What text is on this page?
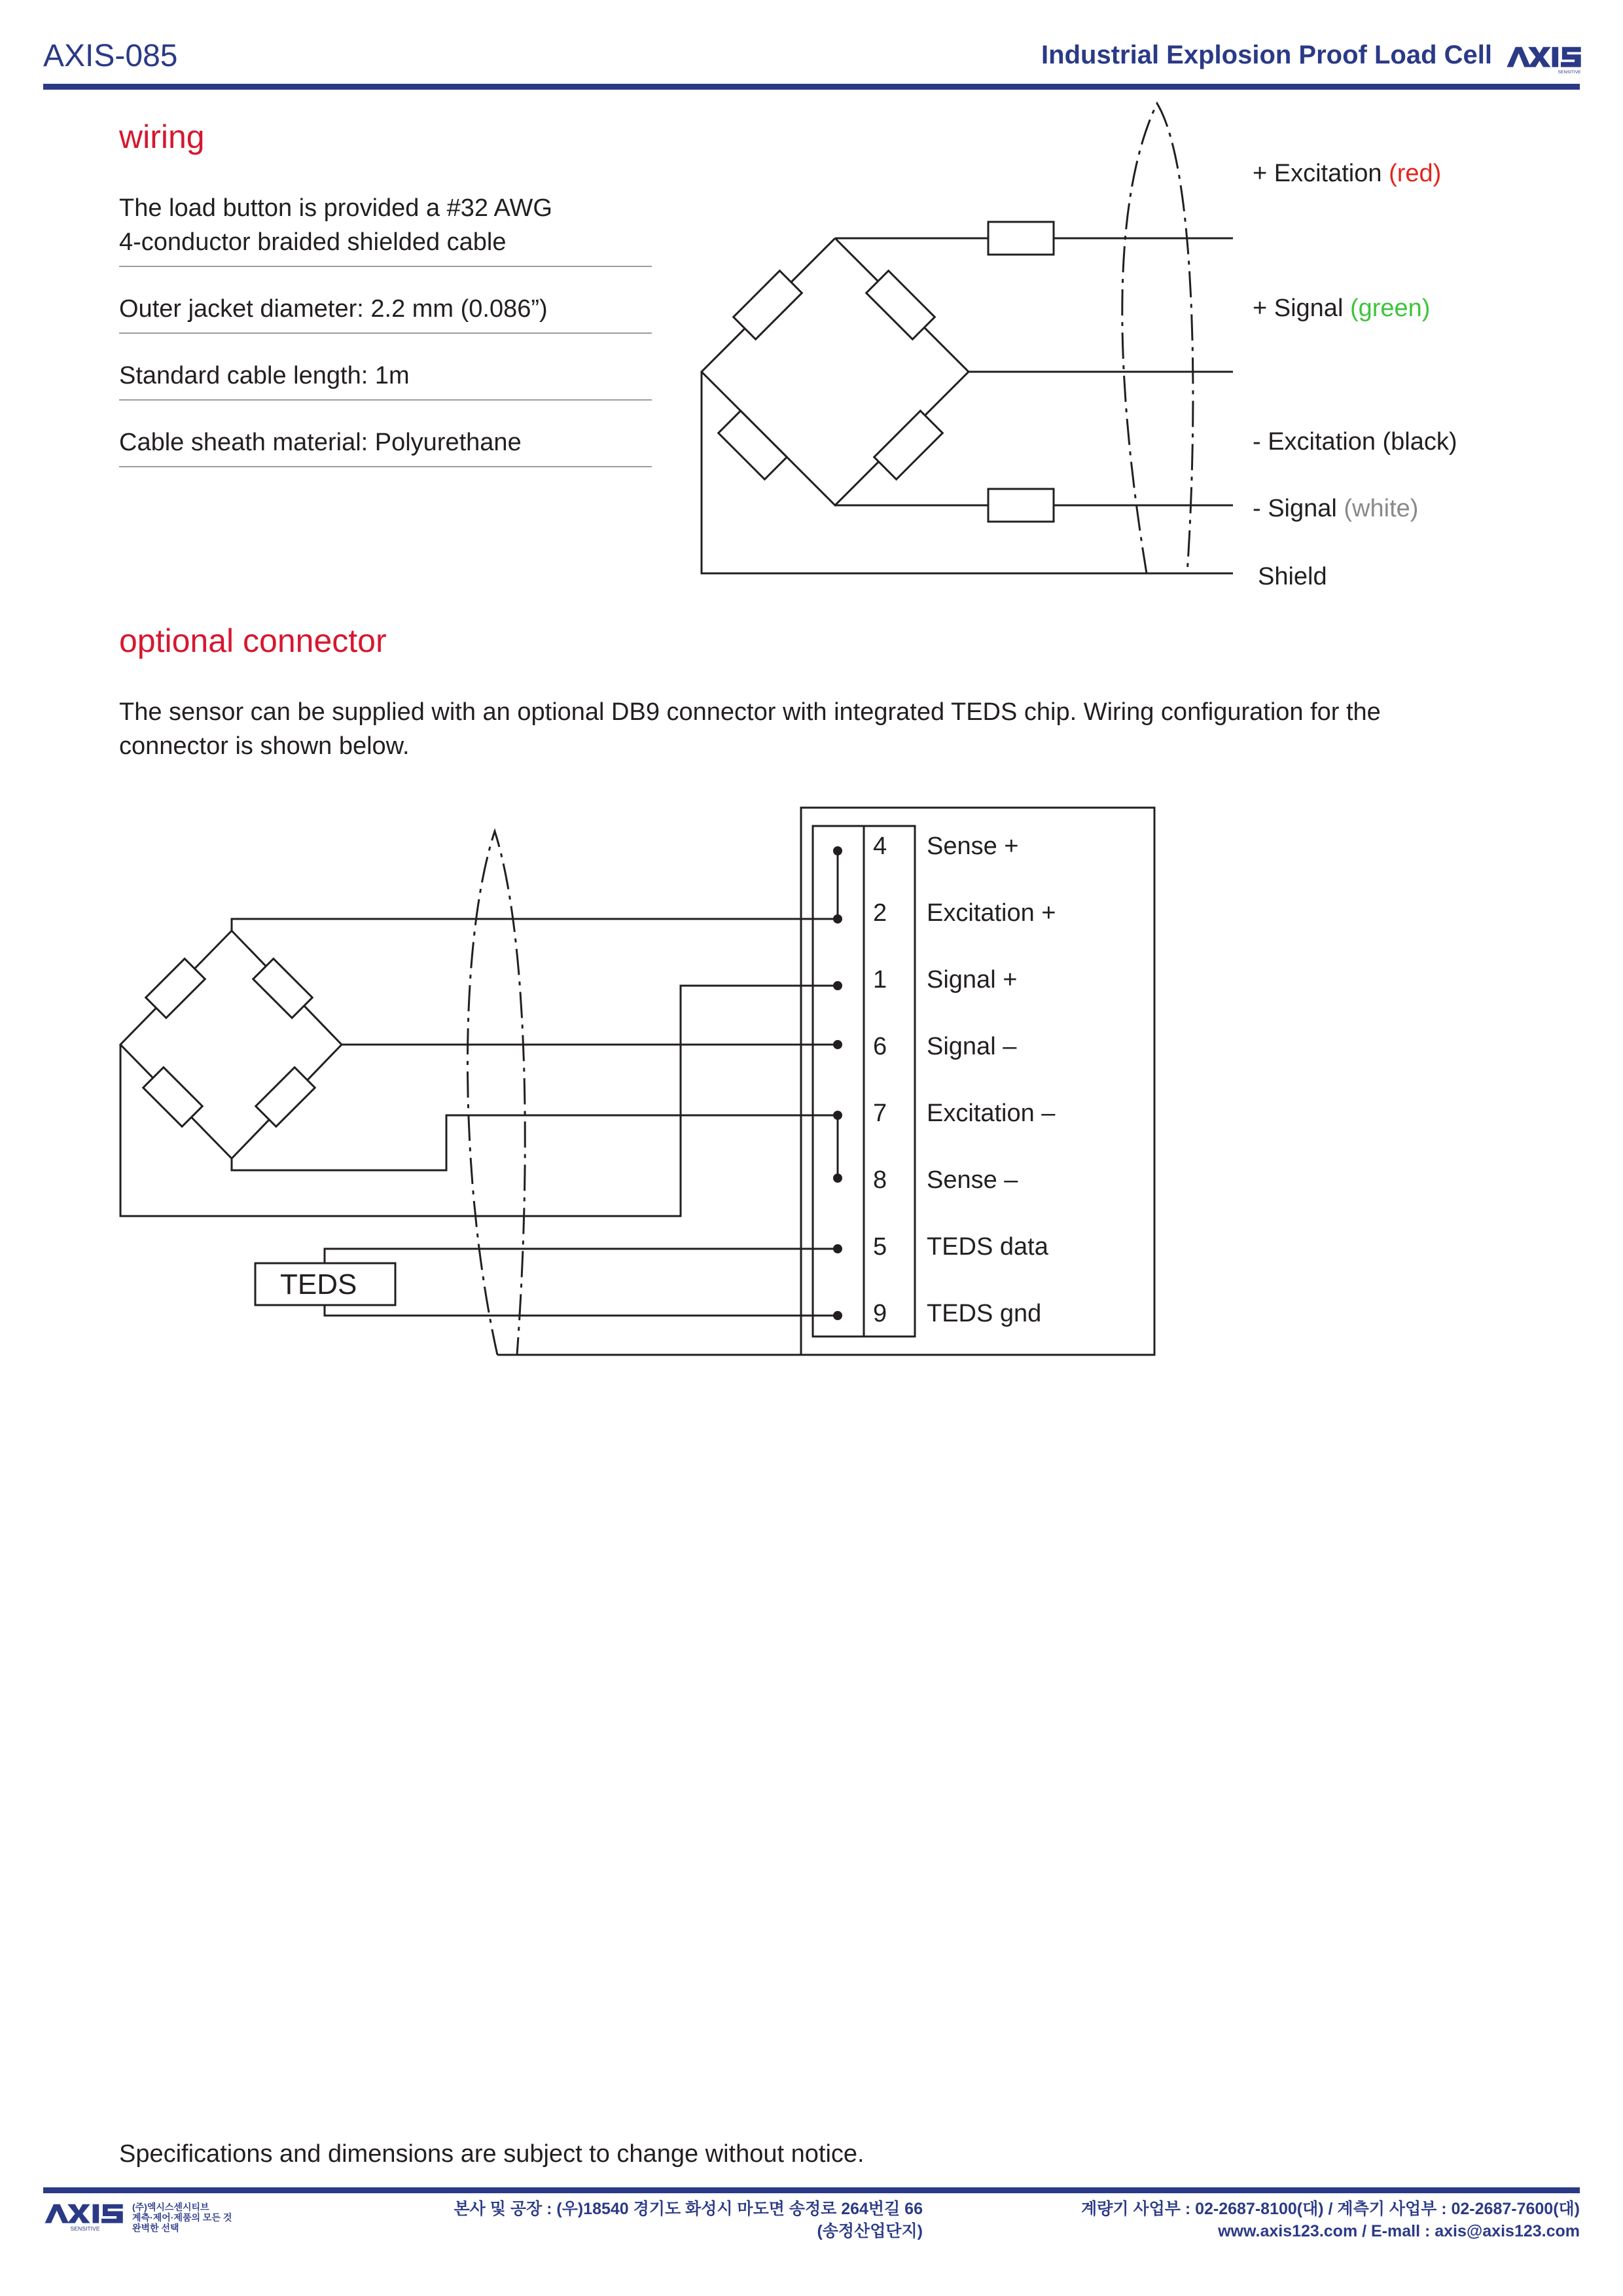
AXIS-085	Industrial Explosion Proof Load Cell
SENSITIVE
wiring
The load button is provided a #32 AWG
4-conductor braided shielded cable
Outer jacket diameter: 2.2 mm (0.086”)
Standard cable length: 1m
Cable sheath material: Polyurethane
+ Excitation (red)
+ Signal (green)
- Excitation (black)
- Signal (white)
Shield
optional connector
The sensor can be supplied with an optional DB9 connector with integrated TEDS chip. Wiring configuration for the connector is shown below.
TEDS
4 Sense +
2 Excitation +
1 Signal +
6 Signal –
7 Excitation –
8 Sense –
5 TEDS data
9 TEDS gnd
Specifications and dimensions are subject to change without notice.
SENSITIVE
(주)엑시스센시티브
계측·제어·제품의 모든 것
완벽한 선택
본사 및 공장 : (우)18540 경기도 화성시 마도면 송정로 264번길 66
(송정산업단지)
계량기 사업부 : 02-2687-8100(대) / 계측기 사업부 : 02-2687-7600(대)
www.axis123.com / E-mall : axis@axis123.com
